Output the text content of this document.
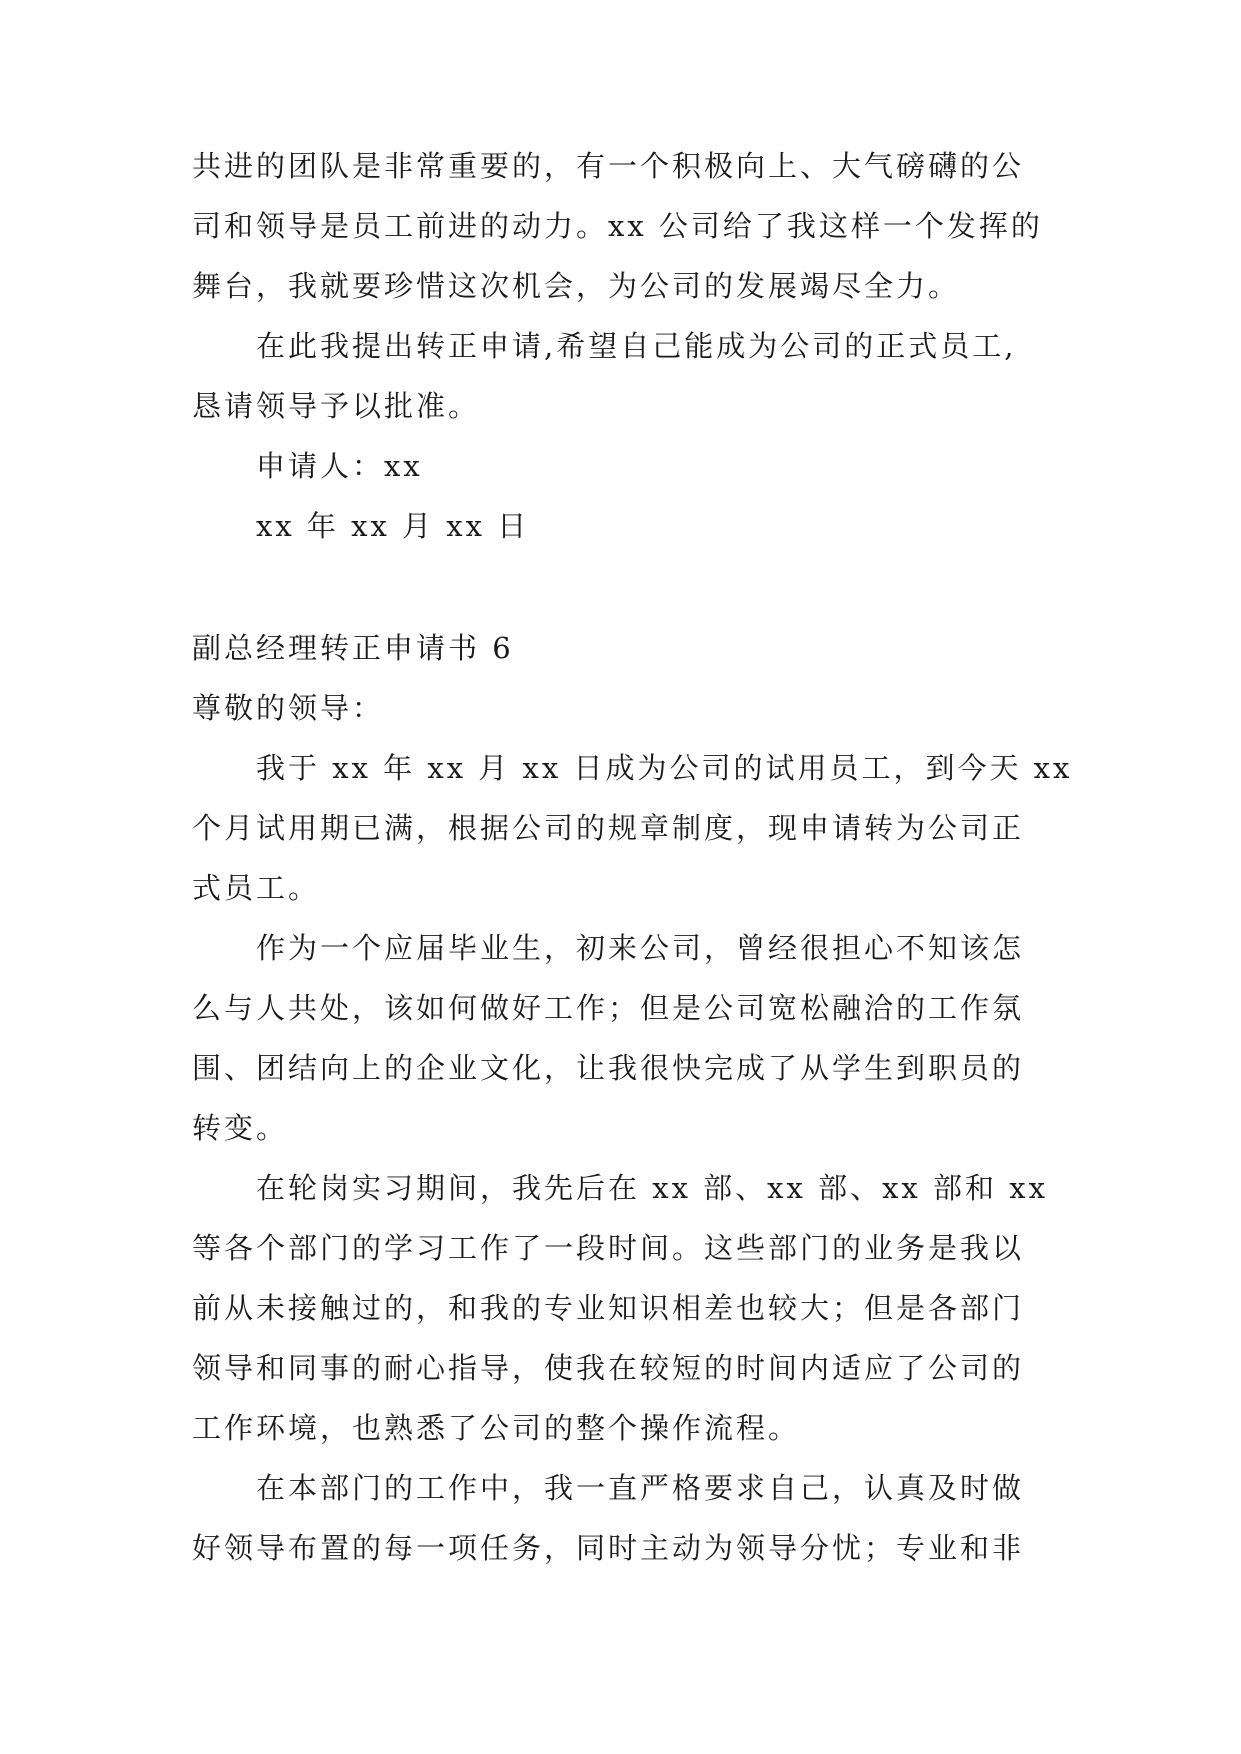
共进的团队是非常重要的，有一个积极向上、大气磅礴的公
司和领导是员工前进的动力。xx 公司给了我这样一个发挥的
舞台，我就要珍惜这次机会，为公司的发展竭尽全力。
在此我提出转正申请,希望自己能成为公司的正式员工,
恳请领导予以批准。
申请人：xx
xx 年 xx 月 xx 日
副总经理转正申请书 6
尊敬的领导：
我于 xx 年 xx 月 xx 日成为公司的试用员工，到今天 xx
个月试用期已满，根据公司的规章制度，现申请转为公司正
式员工。
作为一个应届毕业生，初来公司，曾经很担心不知该怎
么与人共处，该如何做好工作；但是公司宽松融洽的工作氛
围、团结向上的企业文化，让我很快完成了从学生到职员的
转变。
在轮岗实习期间，我先后在 xx 部、xx 部、xx 部和 xx
等各个部门的学习工作了一段时间。这些部门的业务是我以
前从未接触过的，和我的专业知识相差也较大；但是各部门
领导和同事的耐心指导，使我在较短的时间内适应了公司的
工作环境，也熟悉了公司的整个操作流程。
在本部门的工作中，我一直严格要求自己，认真及时做
好领导布置的每一项任务，同时主动为领导分忧；专业和非
